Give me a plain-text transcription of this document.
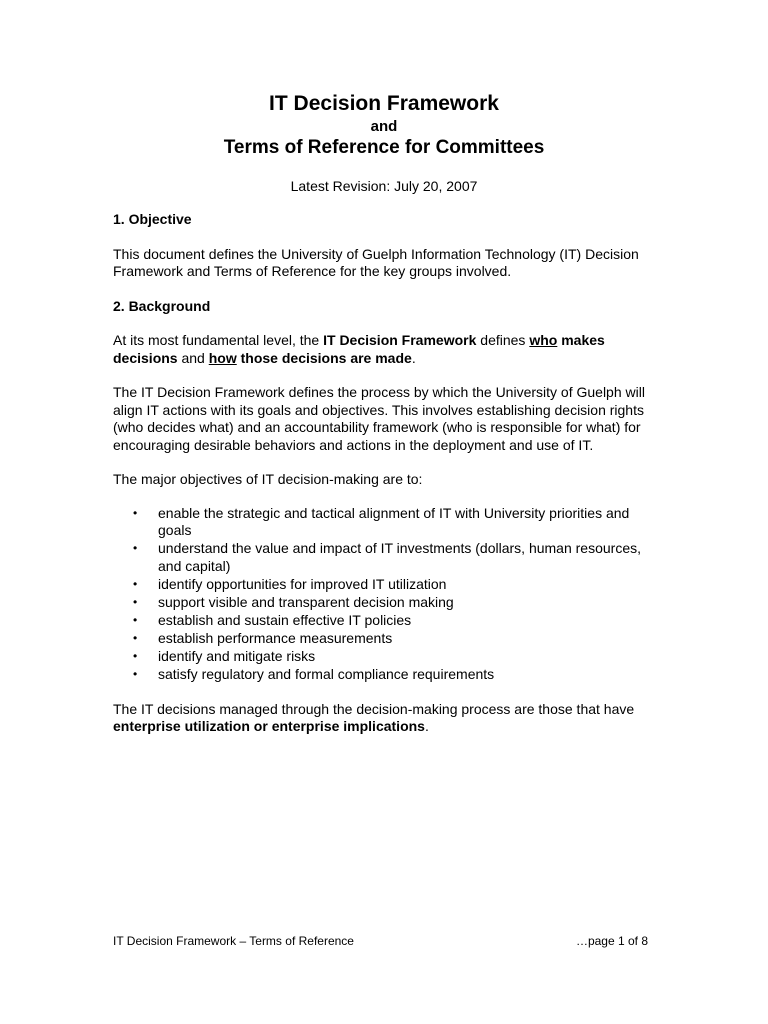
IT Decision Framework
and
Terms of Reference for Committees
Latest Revision: July 20, 2007

1. Objective

This document defines the University of Guelph Information Technology (IT) Decision Framework and Terms of Reference for the key groups involved.

2. Background

At its most fundamental level, the IT Decision Framework defines who makes decisions and how those decisions are made.

The IT Decision Framework defines the process by which the University of Guelph will align IT actions with its goals and objectives. This involves establishing decision rights (who decides what) and an accountability framework (who is responsible for what) for encouraging desirable behaviors and actions in the deployment and use of IT.

The major objectives of IT decision-making are to:

• enable the strategic and tactical alignment of IT with University priorities and goals
• understand the value and impact of IT investments (dollars, human resources, and capital)
• identify opportunities for improved IT utilization
• support visible and transparent decision making
• establish and sustain effective IT policies
• establish performance measurements
• identify and mitigate risks
• satisfy regulatory and formal compliance requirements

The IT decisions managed through the decision-making process are those that have enterprise utilization or enterprise implications.

IT Decision Framework – Terms of Reference	…page 1 of 8
